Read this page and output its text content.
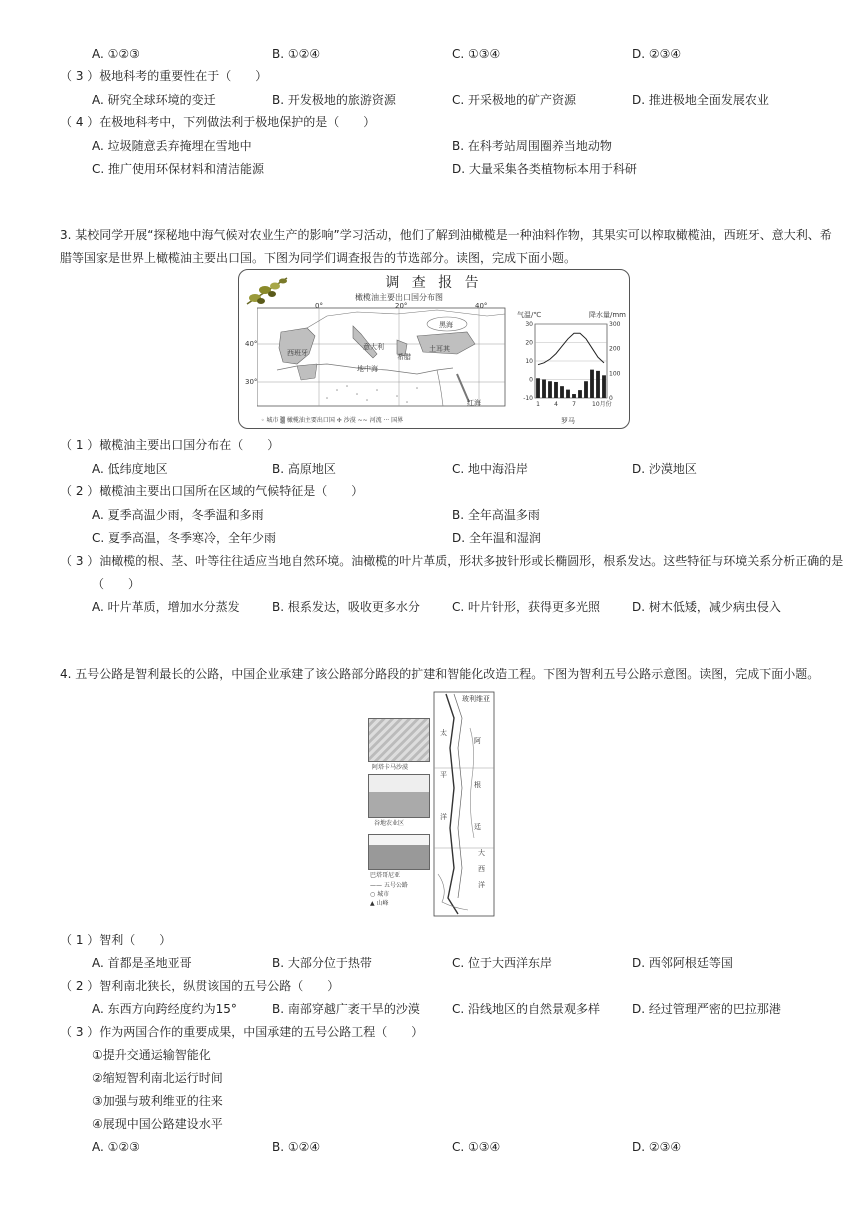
A. ①②③	B. ①②④	C. ①③④	D. ②③④
（ 3 ）极地科考的重要性在于（　　）
A. 研究全球环境的变迁	B. 开发极地的旅游资源	C. 开采极地的矿产资源	D. 推进极地全面发展农业
（ 4 ）在极地科考中，下列做法利于极地保护的是（　　）
A. 垃圾随意丢弃掩埋在雪地中	B. 在科考站周围圈养当地动物
C. 推广使用环保材料和清洁能源	D. 大量采集各类植物标本用于科研
3. 某校同学开展“探秘地中海气候对农业生产的影响”学习活动，他们了解到油橄榄是一种油料作物，其果实可以榨取橄榄油，西班牙、意大利、希
腊等国家是世界上橄榄油主要出口国。下图为同学们调查报告的节选部分。读图，完成下面小题。
调 查 报 告
橄榄油主要出口国分布图
0°	20°	40°
40°
30°
西班牙
意大利
希腊
土耳其
黑海
地中海
红海
◦ 城市 ▒ 橄榄油主要出口国 ✢ 沙漠 ~~ 河流 ··· 国界
气温/℃	降水量/mm
30
20
10
0
-10
300
200
100
0
1 4 7	10月份
罗马
（ 1 ）橄榄油主要出口国分布在（　　）
A. 低纬度地区	B. 高原地区	C. 地中海沿岸	D. 沙漠地区
（ 2 ）橄榄油主要出口国所在区域的气候特征是（　　）
A. 夏季高温少雨，冬季温和多雨	B. 全年高温多雨
C. 夏季高温，冬季寒冷，全年少雨	D. 全年温和湿润
（ 3 ）油橄榄的根、茎、叶等往往适应当地自然环境。油橄榄的叶片革质，形状多披针形或长椭圆形，根系发达。这些特征与环境关系分析正确的是
（　　）
A. 叶片革质，增加水分蒸发	B. 根系发达，吸收更多水分	C. 叶片针形，获得更多光照	D. 树木低矮，减少病虫侵入
4. 五号公路是智利最长的公路，中国企业承建了该公路部分路段的扩建和智能化改造工程。下图为智利五号公路示意图。读图，完成下面小题。
阿塔卡马沙漠
谷地农业区
巴塔哥尼亚
—— 五号公路
○ 城市
▲ 山峰
玻利维亚
阿
根
廷
太
平
洋
大
西
洋
（ 1 ）智利（　　）
A. 首都是圣地亚哥	B. 大部分位于热带	C. 位于大西洋东岸	D. 西邻阿根廷等国
（ 2 ）智利南北狭长，纵贯该国的五号公路（　　）
A. 东西方向跨经度约为15°	B. 南部穿越广袤干旱的沙漠	C. 沿线地区的自然景观多样	D. 经过管理严密的巴拉那港
（ 3 ）作为两国合作的重要成果，中国承建的五号公路工程（　　）
①提升交通运输智能化
②缩短智利南北运行时间
③加强与玻利维亚的往来
④展现中国公路建设水平
A. ①②③	B. ①②④	C. ①③④	D. ②③④
